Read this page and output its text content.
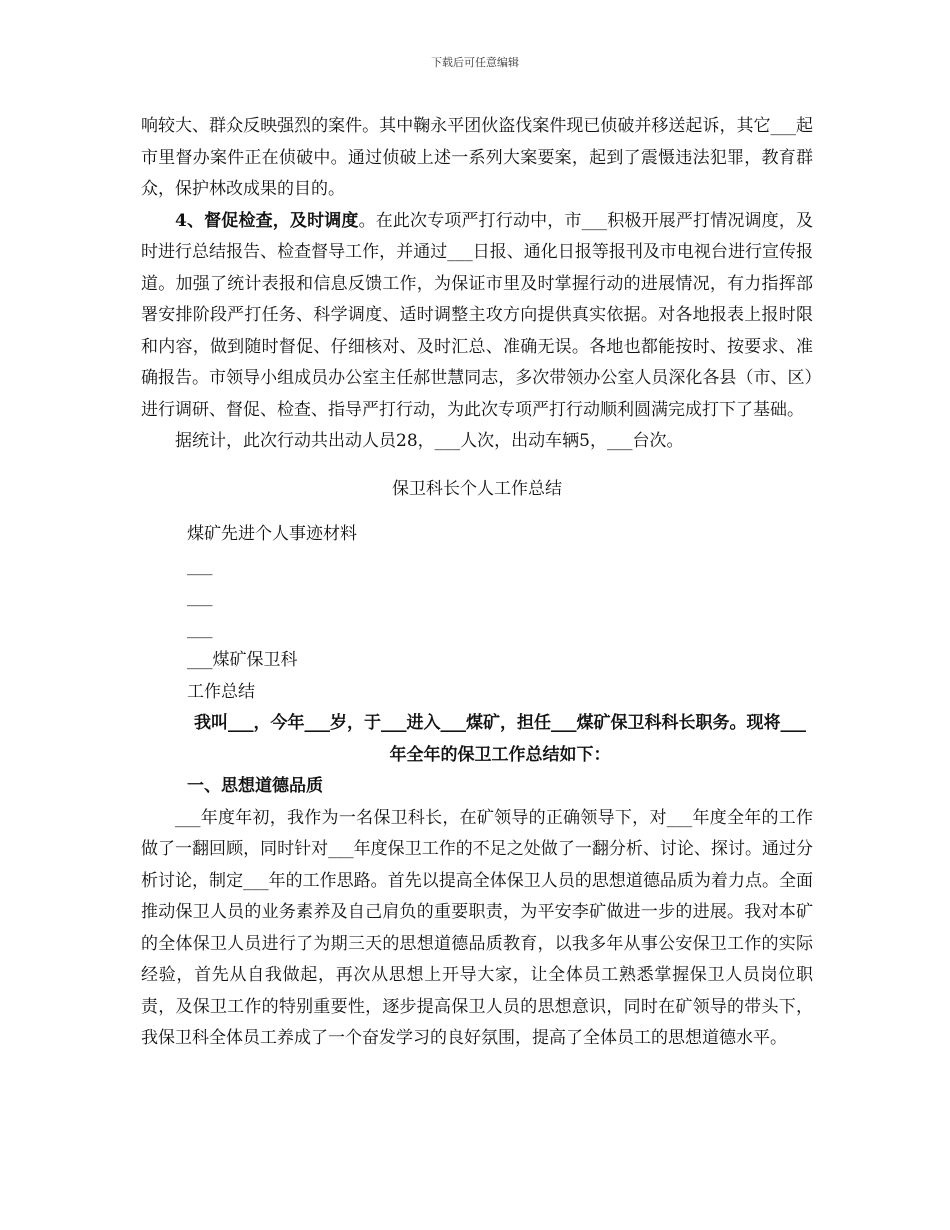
下载后可任意编辑

响较大、群众反映强烈的案件。其中鞠永平团伙盗伐案件现已侦破并移送起诉，其它___起市里督办案件正在侦破中。通过侦破上述一系列大案要案，起到了震慑违法犯罪，教育群众，保护林改成果的目的。

4、督促检查，及时调度。在此次专项严打行动中，市___积极开展严打情况调度，及时进行总结报告、检查督导工作，并通过___日报、通化日报等报刊及市电视台进行宣传报道。加强了统计表报和信息反馈工作，为保证市里及时掌握行动的进展情况，有力指挥部署安排阶段严打任务、科学调度、适时调整主攻方向提供真实依据。对各地报表上报时限和内容，做到随时督促、仔细核对、及时汇总、准确无误。各地也都能按时、按要求、准确报告。市领导小组成员办公室主任郝世慧同志，多次带领办公室人员深化各县（市、区）进行调研、督促、检查、指导严打行动，为此次专项严打行动顺利圆满完成打下了基础。

据统计，此次行动共出动人员28，___人次，出动车辆5，___台次。

保卫科长个人工作总结

煤矿先进个人事迹材料

___

___

___

___煤矿保卫科

工作总结

我叫___，今年___岁，于___进入___煤矿，担任___煤矿保卫科科长职务。现将___年全年的保卫工作总结如下：

一、思想道德品质

___年度年初，我作为一名保卫科长，在矿领导的正确领导下，对___年度全年的工作做了一翻回顾，同时针对___年度保卫工作的不足之处做了一翻分析、讨论、探讨。通过分析讨论，制定___年的工作思路。首先以提高全体保卫人员的思想道德品质为着力点。全面推动保卫人员的业务素养及自己肩负的重要职责，为平安李矿做进一步的进展。我对本矿的全体保卫人员进行了为期三天的思想道德品质教育，以我多年从事公安保卫工作的实际经验，首先从自我做起，再次从思想上开导大家，让全体员工熟悉掌握保卫人员岗位职责，及保卫工作的特别重要性，逐步提高保卫人员的思想意识，同时在矿领导的带头下，我保卫科全体员工养成了一个奋发学习的良好氛围，提高了全体员工的思想道德水平。
